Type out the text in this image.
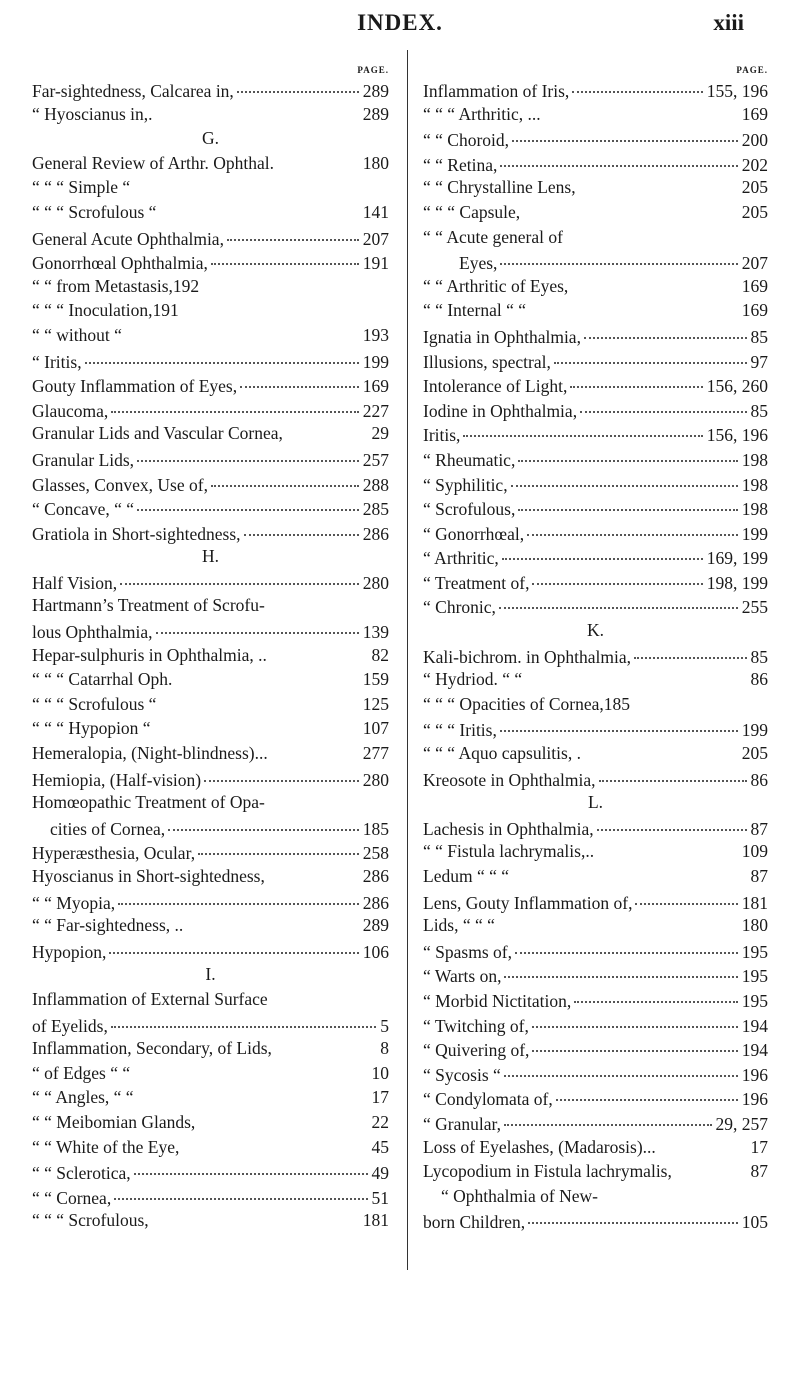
INDEX.	xiii
PAGE.
Far-sightedness, Calcarea in,	289
“ Hyoscianus in,.	289
G.
General Review of Arthr. Ophthal.	180
“ “ “ Simple “
“ “ “ Scrofulous “	141
General Acute Ophthalmia,	207
Gonorrhœal Ophthalmia,	191
“ “ from Metastasis,192
“ “ “ Inoculation,191
“ “ without “	193
“ Iritis,	199
Gouty Inflammation of Eyes,	169
Glaucoma,	227
Granular Lids and Vascular Cornea,	29
Granular Lids,	257
Glasses, Convex, Use of,	288
“ Concave, “ “	285
Gratiola in Short-sightedness,	286
H.
Half Vision,	280
Hartmann’s Treatment of Scrofu-
lous Ophthalmia,	139
Hepar-sulphuris in Ophthalmia, ..	82
“ “ “ Catarrhal Oph.	159
“ “ “ Scrofulous “	125
“ “ “ Hypopion “	107
Hemeralopia, (Night-blindness)...	277
Hemiopia, (Half-vision)	280
Homœopathic Treatment of Opa-
cities of Cornea,	185
Hyperæsthesia, Ocular,	258
Hyoscianus in Short-sightedness,	286
“ “ Myopia,	286
“ “ Far-sightedness, ..	289
Hypopion,	106
I.
Inflammation of External Surface
of Eyelids,	5
Inflammation, Secondary, of Lids,	8
“ of Edges “ “	10
“ “ Angles, “ “	17
“ “ Meibomian Glands,	22
“ “ White of the Eye,	45
“ “ Sclerotica,	49
“ “ Cornea,	51
“ “ “ Scrofulous,	181
PAGE.
Inflammation of Iris,	155, 196
“ “ “ Arthritic, ...	169
“ “ Choroid,	200
“ “ Retina,	202
“ “ Chrystalline Lens,	205
“ “ “ Capsule,	205
“ “ Acute general of
Eyes,	207
“ “ Arthritic of Eyes,	169
“ “ Internal “ “	169
Ignatia in Ophthalmia,	85
Illusions, spectral,	97
Intolerance of Light,	156, 260
Iodine in Ophthalmia,	85
Iritis,	156, 196
“ Rheumatic,	198
“ Syphilitic,	198
“ Scrofulous,	198
“ Gonorrhœal,	199
“ Arthritic,	169, 199
“ Treatment of,	198, 199
“ Chronic,	255
K.
Kali-bichrom. in Ophthalmia,	85
“ Hydriod. “ “	86
“ “ “ Opacities of Cornea,185
“ “ “ Iritis,	199
“ “ “ Aquo capsulitis, .	205
Kreosote in Ophthalmia,	86
L.
Lachesis in Ophthalmia,	87
“ “ Fistula lachrymalis,..	109
Ledum “ “ “	87
Lens, Gouty Inflammation of,	181
Lids, “ “ “	180
“ Spasms of,	195
“ Warts on,	195
“ Morbid Nictitation,	195
“ Twitching of,	194
“ Quivering of,	194
“ Sycosis “	196
“ Condylomata of,	196
“ Granular,	29, 257
Loss of Eyelashes, (Madarosis)...	17
Lycopodium in Fistula lachrymalis,	87
“ Ophthalmia of New-
born Children,	105
